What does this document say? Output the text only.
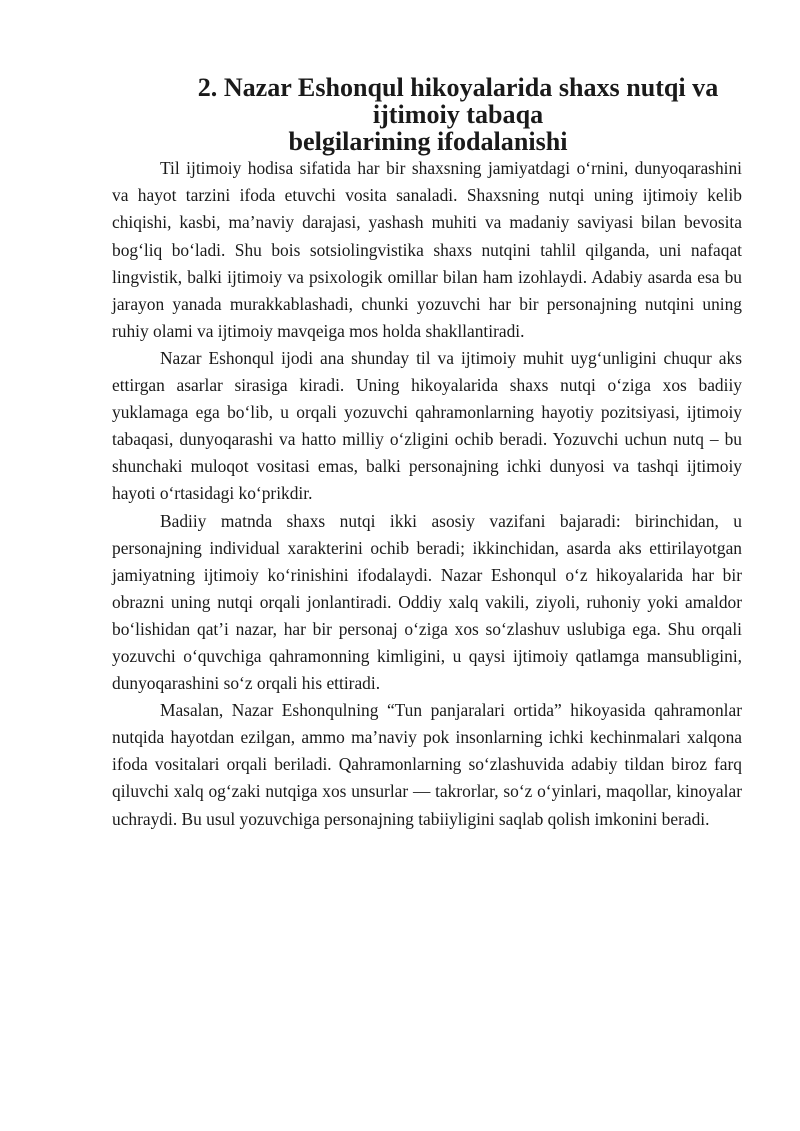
2. Nazar Eshonqul hikoyalarida shaxs nutqi va ijtimoiy tabaqa
belgilarining ifodalanishi

Til ijtimoiy hodisa sifatida har bir shaxsning jamiyatdagi o‘rnini, dunyoqarashini va hayot tarzini ifoda etuvchi vosita sanaladi. Shaxsning nutqi uning ijtimoiy kelib chiqishi, kasbi, ma’naviy darajasi, yashash muhiti va madaniy saviyasi bilan bevosita bog‘liq bo‘ladi. Shu bois sotsiolingvistika shaxs nutqini tahlil qilganda, uni nafaqat lingvistik, balki ijtimoiy va psixologik omillar bilan ham izohlaydi. Adabiy asarda esa bu jarayon yanada murakkablashadi, chunki yozuvchi har bir personajning nutqini uning ruhiy olami va ijtimoiy mavqeiga mos holda shakllantiradi.

Nazar Eshonqul ijodi ana shunday til va ijtimoiy muhit uyg‘unligini chuqur aks ettirgan asarlar sirasiga kiradi. Uning hikoyalarida shaxs nutqi o‘ziga xos badiiy yuklamaga ega bo‘lib, u orqali yozuvchi qahramonlarning hayotiy pozitsiyasi, ijtimoiy tabaqasi, dunyoqarashi va hatto milliy o‘zligini ochib beradi. Yozuvchi uchun nutq – bu shunchaki muloqot vositasi emas, balki personajning ichki dunyosi va tashqi ijtimoiy hayoti o‘rtasidagi ko‘prikdir.

Badiiy matnda shaxs nutqi ikki asosiy vazifani bajaradi: birinchidan, u personajning individual xarakterini ochib beradi; ikkinchidan, asarda aks ettirilayotgan jamiyatning ijtimoiy ko‘rinishini ifodalaydi. Nazar Eshonqul o‘z hikoyalarida har bir obrazni uning nutqi orqali jonlantiradi. Oddiy xalq vakili, ziyoli, ruhoniy yoki amaldor bo‘lishidan qat’i nazar, har bir personaj o‘ziga xos so‘zlashuv uslubiga ega. Shu orqali yozuvchi o‘quvchiga qahramonning kimligini, u qaysi ijtimoiy qatlamga mansubligini, dunyoqarashini so‘z orqali his ettiradi.

Masalan, Nazar Eshonqulning “Tun panjaralari ortida” hikoyasida qahramonlar nutqida hayotdan ezilgan, ammo ma’naviy pok insonlarning ichki kechinmalari xalqona ifoda vositalari orqali beriladi. Qahramonlarning so‘zlashuvida adabiy tildan biroz farq qiluvchi xalq og‘zaki nutqiga xos unsurlar — takrorlar, so‘z o‘yinlari, maqollar, kinoyalar uchraydi. Bu usul yozuvchiga personajning tabiiyligini saqlab qolish imkonini beradi.
